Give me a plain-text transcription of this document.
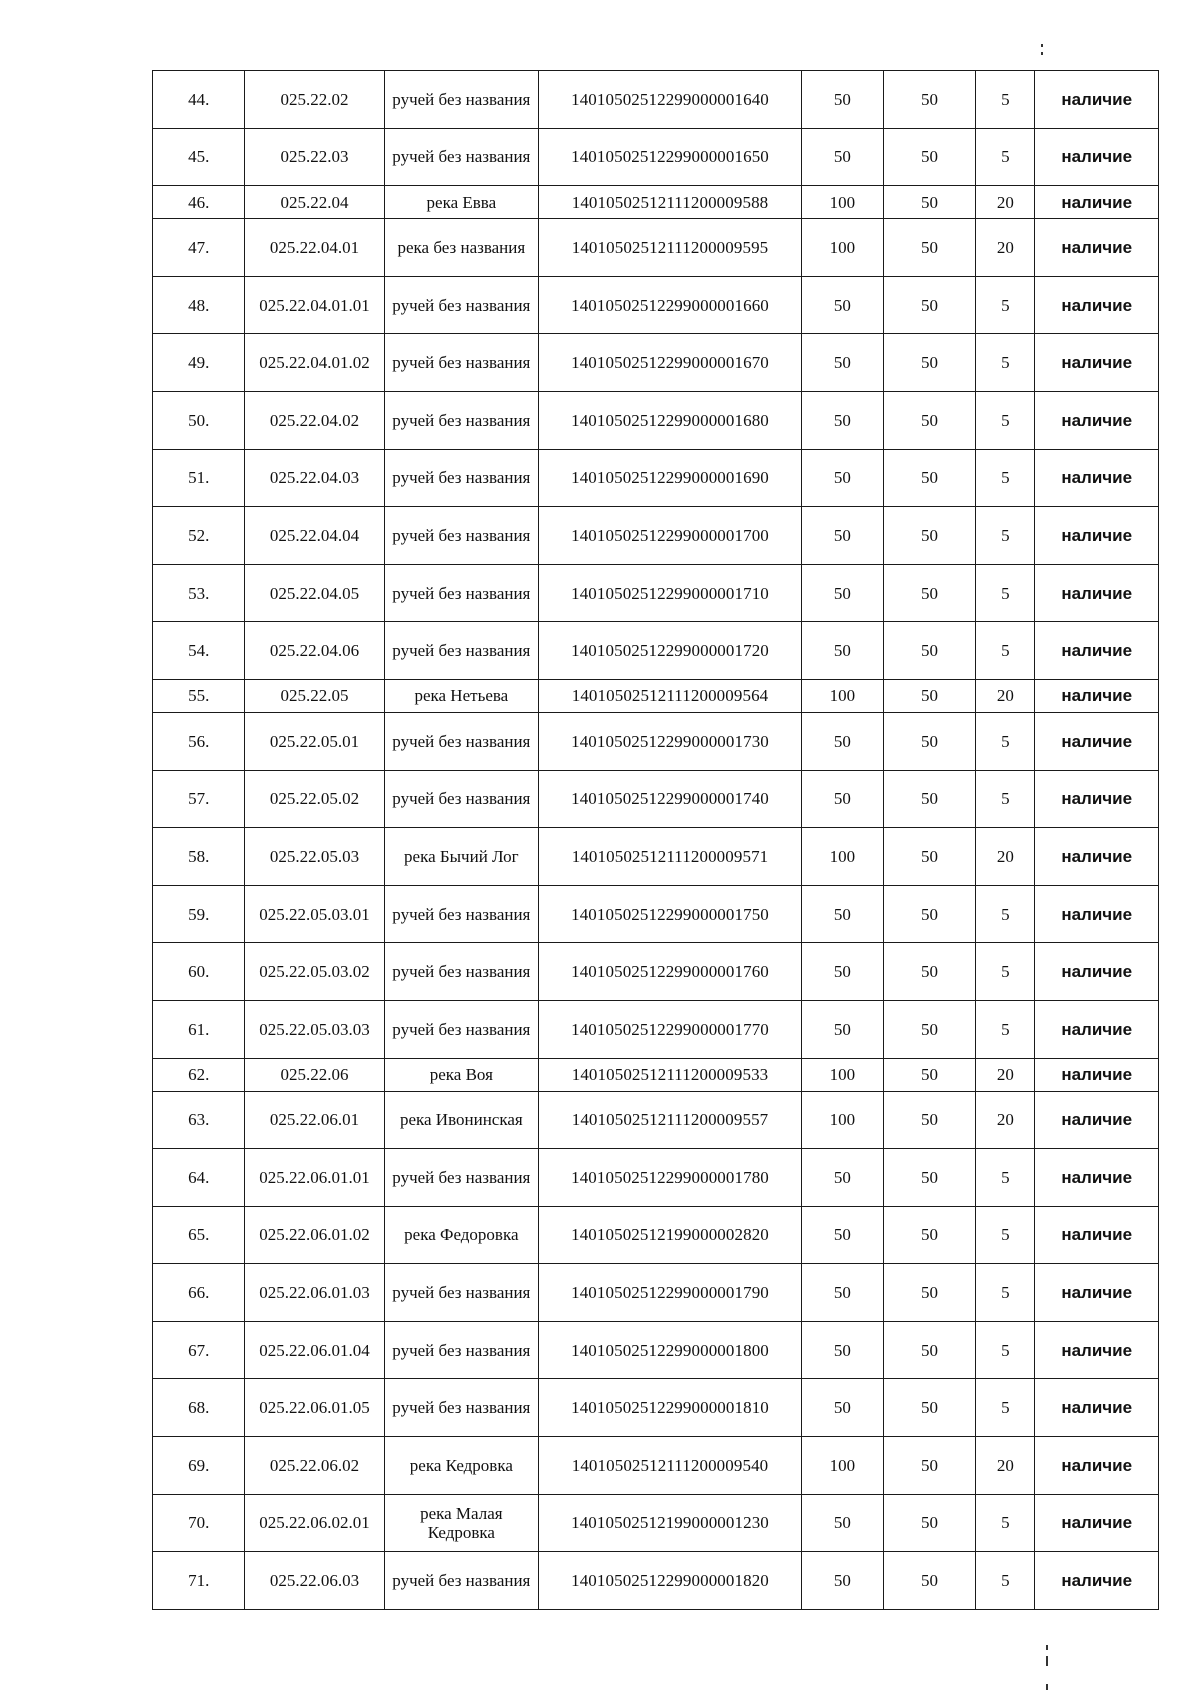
44.	025.22.02	ручей без названия	14010502512299000001640	50	50	5	наличие
45.	025.22.03	ручей без названия	14010502512299000001650	50	50	5	наличие
46.	025.22.04	река Евва	14010502512111200009588	100	50	20	наличие
47.	025.22.04.01	река без названия	14010502512111200009595	100	50	20	наличие
48.	025.22.04.01.01	ручей без названия	14010502512299000001660	50	50	5	наличие
49.	025.22.04.01.02	ручей без названия	14010502512299000001670	50	50	5	наличие
50.	025.22.04.02	ручей без названия	14010502512299000001680	50	50	5	наличие
51.	025.22.04.03	ручей без названия	14010502512299000001690	50	50	5	наличие
52.	025.22.04.04	ручей без названия	14010502512299000001700	50	50	5	наличие
53.	025.22.04.05	ручей без названия	14010502512299000001710	50	50	5	наличие
54.	025.22.04.06	ручей без названия	14010502512299000001720	50	50	5	наличие
55.	025.22.05	река Нетьева	14010502512111200009564	100	50	20	наличие
56.	025.22.05.01	ручей без названия	14010502512299000001730	50	50	5	наличие
57.	025.22.05.02	ручей без названия	14010502512299000001740	50	50	5	наличие
58.	025.22.05.03	река Бычий Лог	14010502512111200009571	100	50	20	наличие
59.	025.22.05.03.01	ручей без названия	14010502512299000001750	50	50	5	наличие
60.	025.22.05.03.02	ручей без названия	14010502512299000001760	50	50	5	наличие
61.	025.22.05.03.03	ручей без названия	14010502512299000001770	50	50	5	наличие
62.	025.22.06	река Воя	14010502512111200009533	100	50	20	наличие
63.	025.22.06.01	река Ивонинская	14010502512111200009557	100	50	20	наличие
64.	025.22.06.01.01	ручей без названия	14010502512299000001780	50	50	5	наличие
65.	025.22.06.01.02	река Федоровка	14010502512199000002820	50	50	5	наличие
66.	025.22.06.01.03	ручей без названия	14010502512299000001790	50	50	5	наличие
67.	025.22.06.01.04	ручей без названия	14010502512299000001800	50	50	5	наличие
68.	025.22.06.01.05	ручей без названия	14010502512299000001810	50	50	5	наличие
69.	025.22.06.02	река Кедровка	14010502512111200009540	100	50	20	наличие
70.	025.22.06.02.01	река Малая Кедровка	14010502512199000001230	50	50	5	наличие
71.	025.22.06.03	ручей без названия	14010502512299000001820	50	50	5	наличие
